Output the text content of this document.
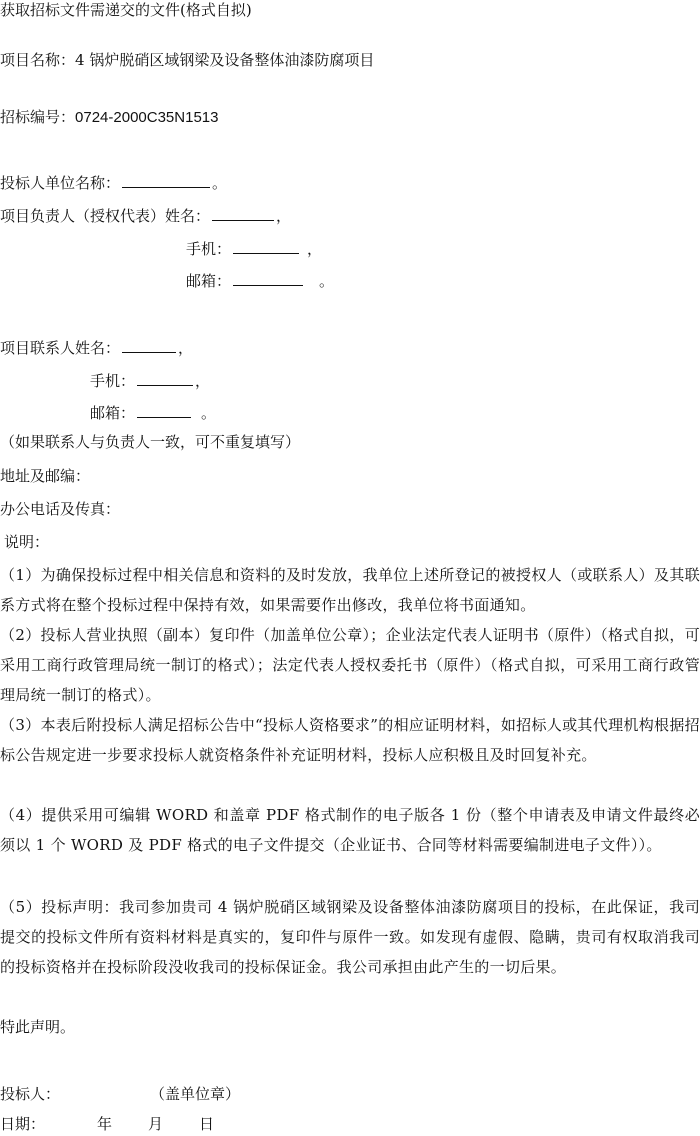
获取招标文件需递交的文件(格式自拟)
项目名称：4 锅炉脱硝区域钢梁及设备整体油漆防腐项目
招标编号：0724-2000C35N1513
投标人单位名称：	。
项目负责人（授权代表）姓名：	，
手机：	，
邮箱：	。
项目联系人姓名：	，
手机：	，
邮箱：	。
（如果联系人与负责人一致，可不重复填写）
地址及邮编：
办公电话及传真：
说明：
（1）为确保投标过程中相关信息和资料的及时发放，我单位上述所登记的被授权人（或联系人）及其联系方式将在整个投标过程中保持有效，如果需要作出修改，我单位将书面通知。
（2）投标人营业执照（副本）复印件（加盖单位公章）；企业法定代表人证明书（原件）（格式自拟，可采用工商行政管理局统一制订的格式）；法定代表人授权委托书（原件）（格式自拟，可采用工商行政管理局统一制订的格式）。
（3）本表后附投标人满足招标公告中“投标人资格要求”的相应证明材料，如招标人或其代理机构根据招标公告规定进一步要求投标人就资格条件补充证明材料，投标人应积极且及时回复补充。
（4）提供采用可编辑 WORD 和盖章 PDF 格式制作的电子版各 1 份（整个申请表及申请文件最终必须以 1 个 WORD 及 PDF 格式的电子文件提交（企业证书、合同等材料需要编制进电子文件））。
（5）投标声明：我司参加贵司 4 锅炉脱硝区域钢梁及设备整体油漆防腐项目的投标，在此保证，我司提交的投标文件所有资料材料是真实的，复印件与原件一致。如发现有虚假、隐瞒，贵司有权取消我司的投标资格并在投标阶段没收我司的投标保证金。我公司承担由此产生的一切后果。
特此声明。
投标人：	（盖单位章）
日期：	年 月 日
